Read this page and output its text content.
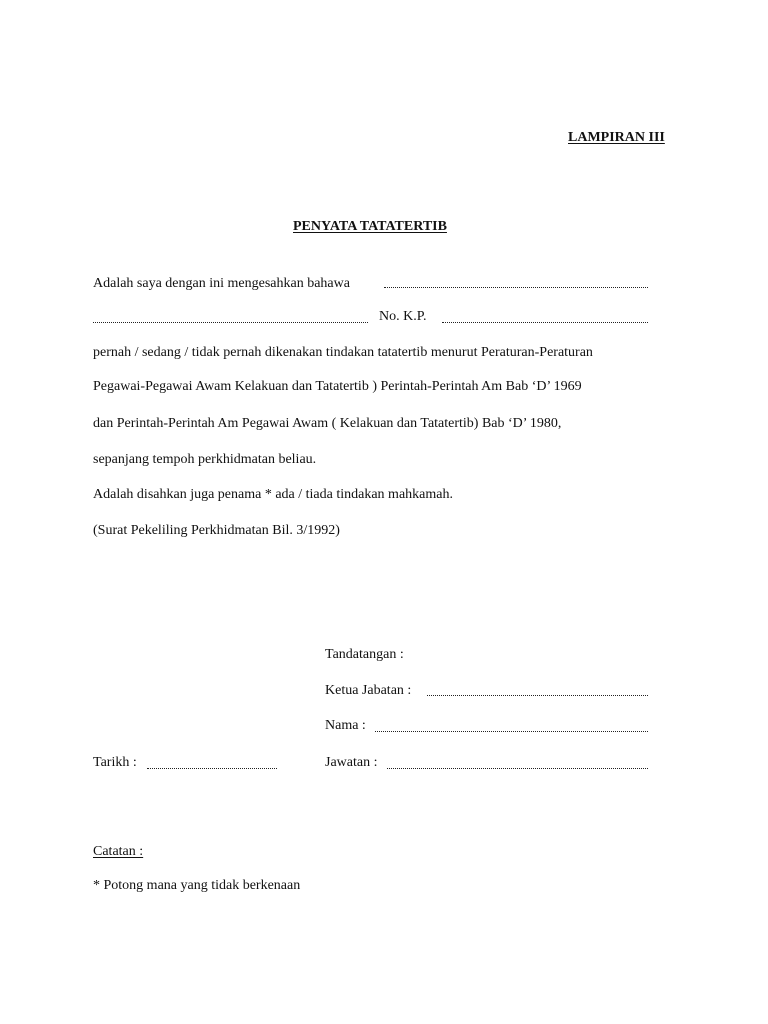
LAMPIRAN III
PENYATA TATATERTIB
Adalah saya dengan ini mengesahkan bahawa
No. K.P.
pernah / sedang / tidak pernah dikenakan tindakan tatatertib menurut Peraturan-Peraturan
Pegawai-Pegawai Awam Kelakuan dan Tatatertib ) Perintah-Perintah Am Bab ‘D’ 1969
dan Perintah-Perintah Am Pegawai Awam ( Kelakuan dan Tatatertib) Bab ‘D’ 1980,
sepanjang tempoh perkhidmatan beliau.
Adalah disahkan juga penama * ada / tiada tindakan mahkamah.
(Surat Pekeliling Perkhidmatan Bil. 3/1992)
Tandatangan :
Ketua Jabatan :
Nama :
Tarikh :	Jawatan :
Catatan :
* Potong mana yang tidak berkenaan
